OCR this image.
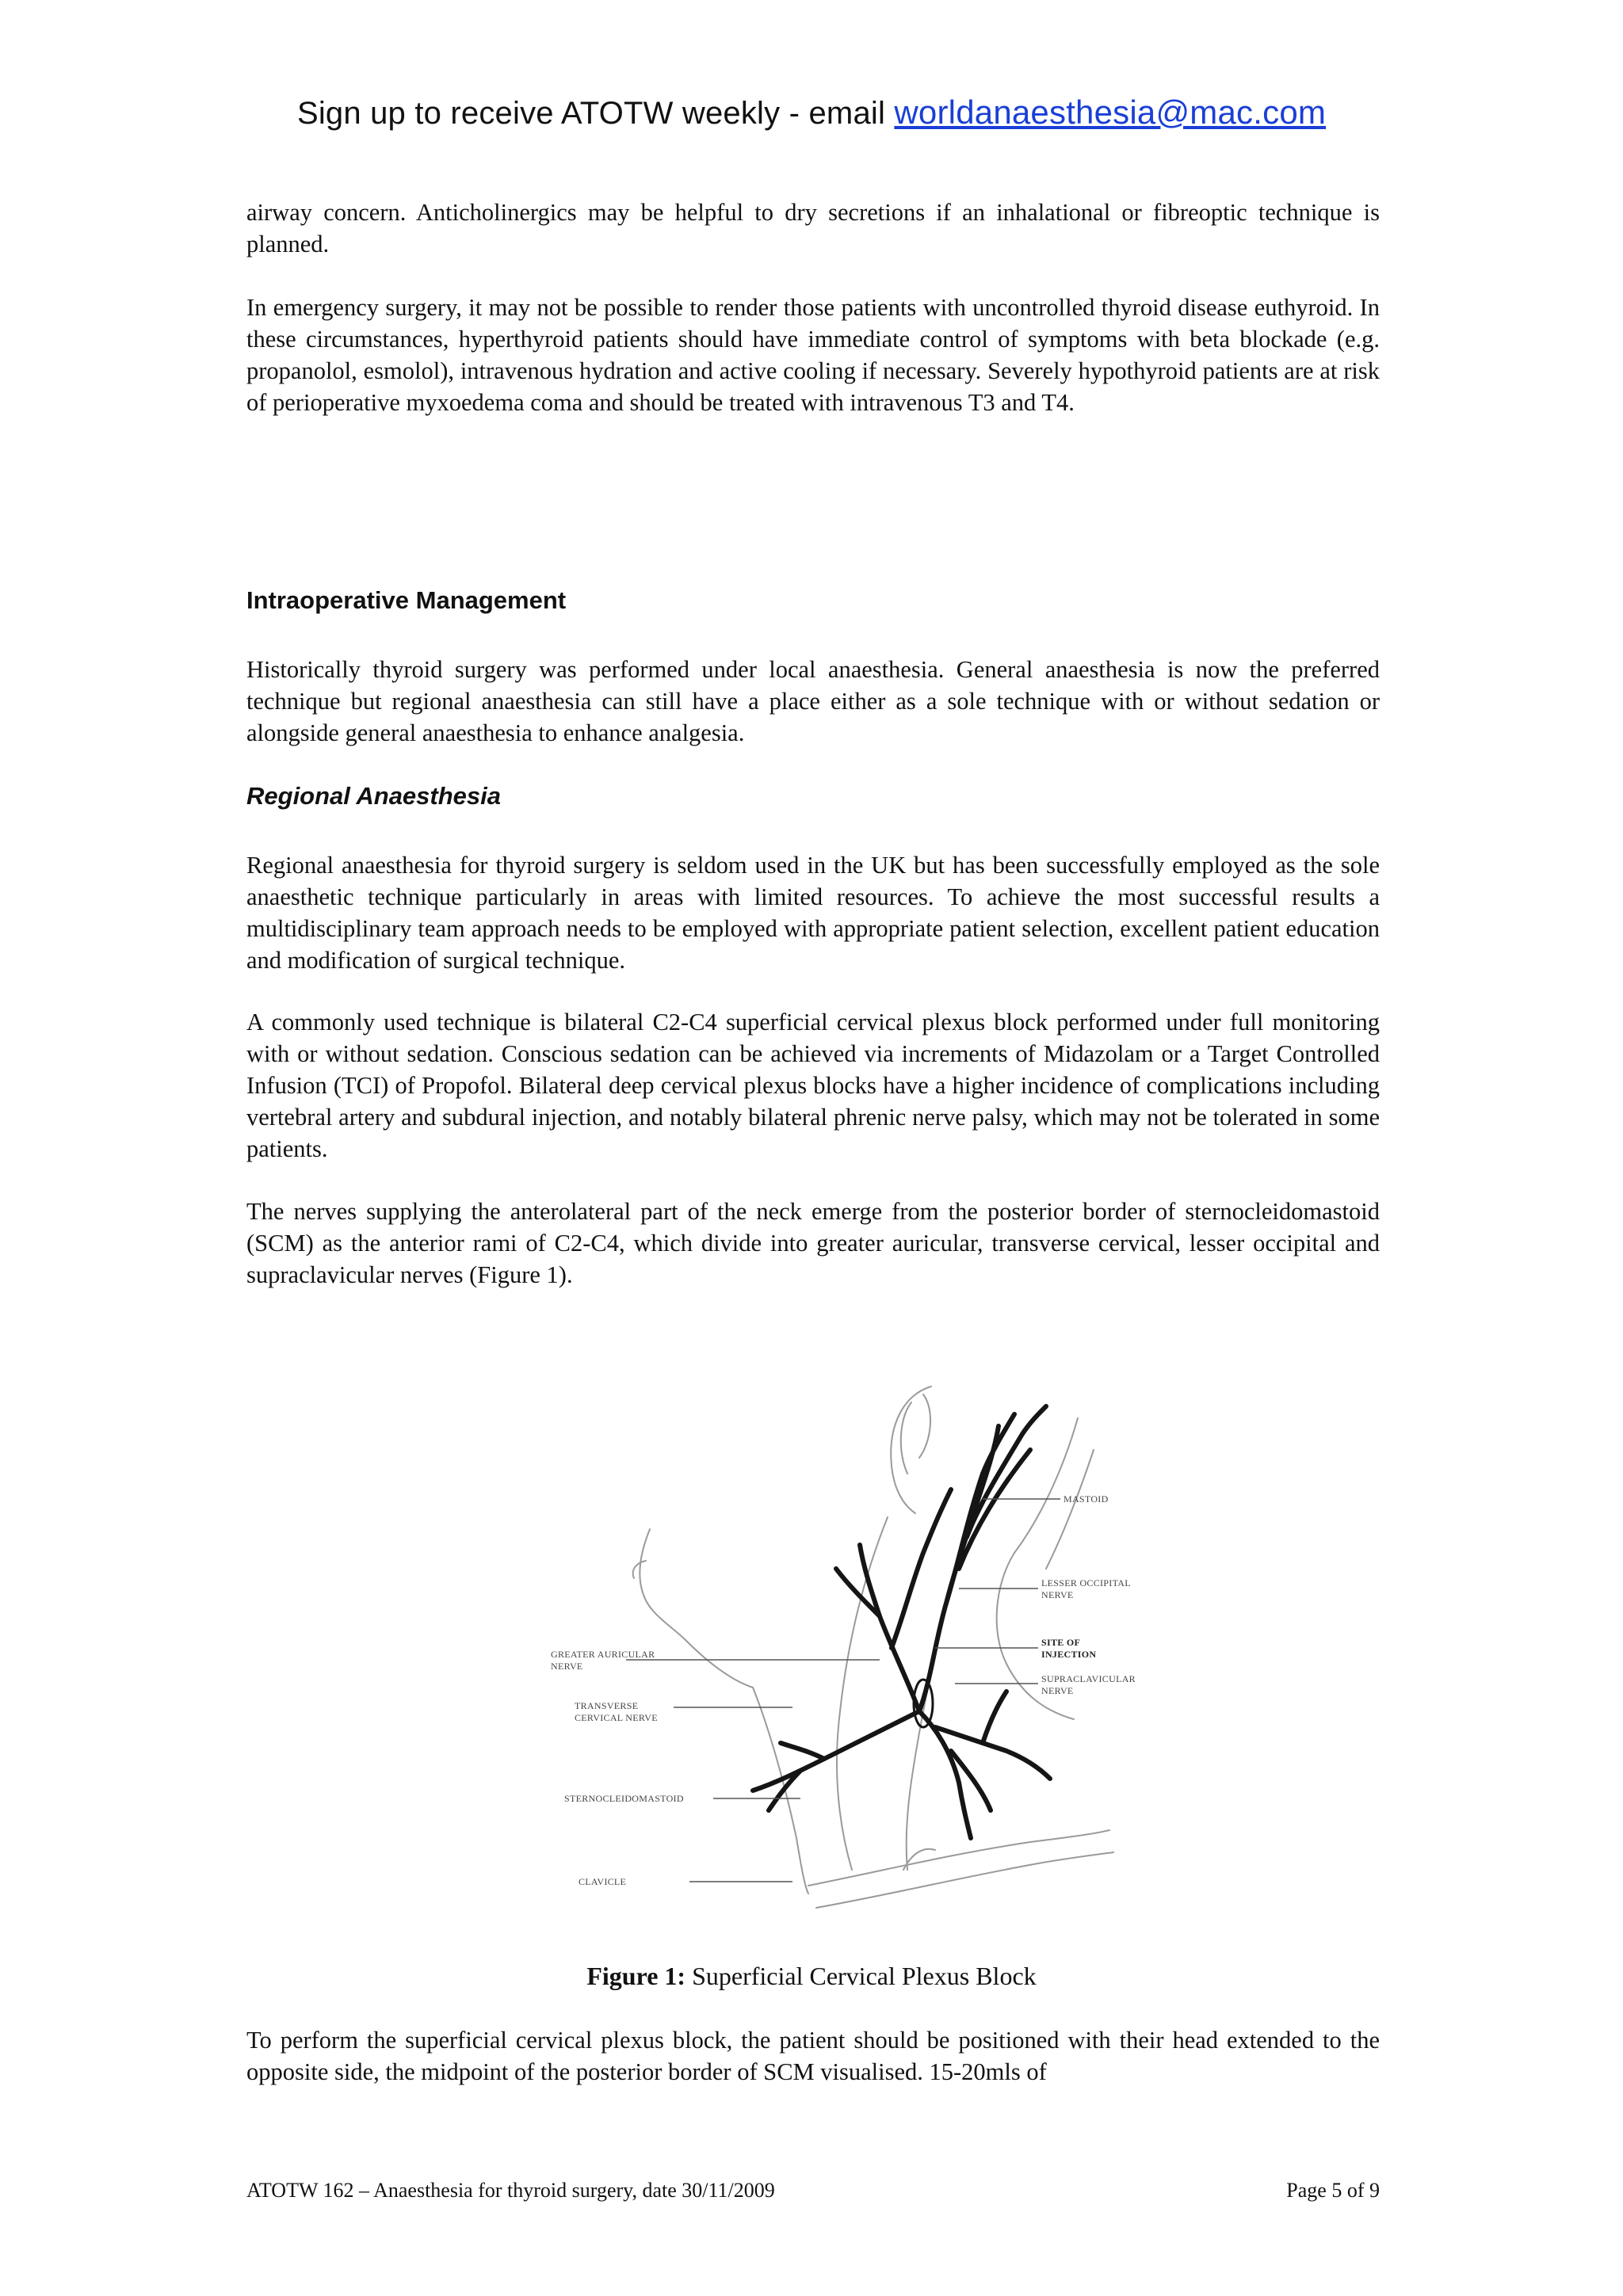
Sign up to receive ATOTW weekly - email worldanaesthesia@mac.com

airway concern. Anticholinergics may be helpful to dry secretions if an inhalational or fibreoptic technique is planned.

In emergency surgery, it may not be possible to render those patients with uncontrolled thyroid disease euthyroid. In these circumstances, hyperthyroid patients should have immediate control of symptoms with beta blockade (e.g. propanolol, esmolol), intravenous hydration and active cooling if necessary. Severely hypothyroid patients are at risk of perioperative myxoedema coma and should be treated with intravenous T3 and T4.

Intraoperative Management

Historically thyroid surgery was performed under local anaesthesia. General anaesthesia is now the preferred technique but regional anaesthesia can still have a place either as a sole technique with or without sedation or alongside general anaesthesia to enhance analgesia.

Regional Anaesthesia

Regional anaesthesia for thyroid surgery is seldom used in the UK but has been successfully employed as the sole anaesthetic technique particularly in areas with limited resources. To achieve the most successful results a multidisciplinary team approach needs to be employed with appropriate patient selection, excellent patient education and modification of surgical technique.

A commonly used technique is bilateral C2-C4 superficial cervical plexus block performed under full monitoring with or without sedation. Conscious sedation can be achieved via increments of Midazolam or a Target Controlled Infusion (TCI) of Propofol. Bilateral deep cervical plexus blocks have a higher incidence of complications including vertebral artery and subdural injection, and notably bilateral phrenic nerve palsy, which may not be tolerated in some patients.

The nerves supplying the anterolateral part of the neck emerge from the posterior border of sternocleidomastoid (SCM) as the anterior rami of C2-C4, which divide into greater auricular, transverse cervical, lesser occipital and supraclavicular nerves (Figure 1).

MASTOID
LESSER OCCIPITAL
NERVE
SITE OF
INJECTION
SUPRACLAVICULAR
NERVE
GREATER AURICULAR
NERVE
TRANSVERSE
CERVICAL NERVE
STERNOCLEIDOMASTOID
CLAVICLE
Figure 1: Superficial Cervical Plexus Block

To perform the superficial cervical plexus block, the patient should be positioned with their head extended to the opposite side, the midpoint of the posterior border of SCM visualised. 15-20mls of

ATOTW 162 – Anaesthesia for thyroid surgery, date 30/11/2009	Page 5 of 9
